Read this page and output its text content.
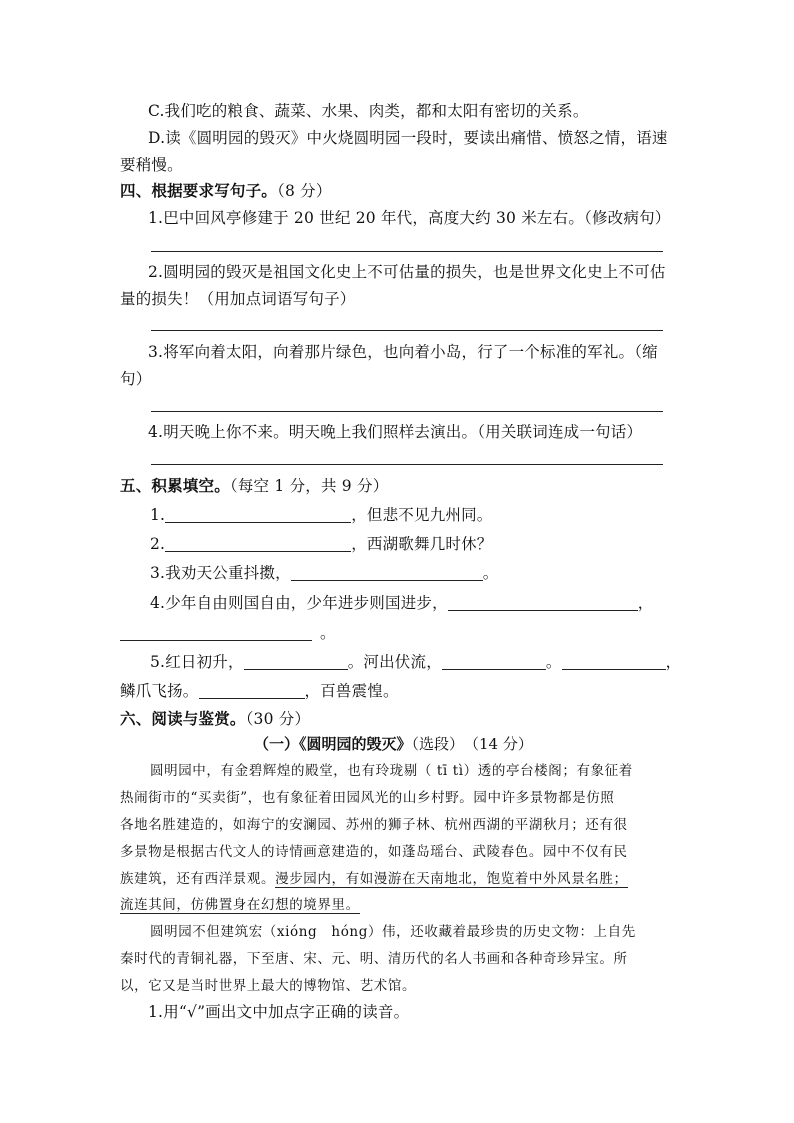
C.我们吃的粮食、蔬菜、水果、肉类，都和太阳有密切的关系。
D.读《圆明园的毁灭》中火烧圆明园一段时，要读出痛惜、愤怒之情，语速
要稍慢。
四、根据要求写句子。（8 分）
1.巴中回风亭修建于 20 世纪 20 年代，高度大约 30 米左右。（修改病句）
2.圆明园的毁灭是祖国文化史上不可估量的损失，也是世界文化史上不可估
量的损失！（用加点词语写句子）
3.将军向着太阳，向着那片绿色，也向着小岛，行了一个标准的军礼。（缩
句）
4.明天晚上你不来。明天晚上我们照样去演出。（用关联词连成一句话）
五、积累填空。（每空 1 分，共 9 分）
1.	，但悲不见九州同。
2.	，西湖歌舞几时休？
3.我劝天公重抖擞，	。
4.少年自由则国自由，少年进步则国进步，	，
。
5.红日初升，	。河出伏流，	。	，
鳞爪飞扬。	，百兽震惶。
六、阅读与鉴赏。（30 分）
（一）《圆明园的毁灭》（选段）　（14 分）
圆明园中，有金碧辉煌的殿堂，也有玲珑剔（ tī tì）透的亭台楼阁；有象征着
热闹街市的“买卖街”，也有象征着田园风光的山乡村野。园中许多景物都是仿照
各地名胜建造的，如海宁的安澜园、苏州的狮子林、杭州西湖的平湖秋月；还有很
多景物是根据古代文人的诗情画意建造的，如蓬岛瑶台、武陵春色。园中不仅有民
族建筑，还有西洋景观。漫步园内，有如漫游在天南地北，饱览着中外风景名胜；
流连其间，仿佛置身在幻想的境界里。
圆明园不但建筑宏（xióng　hóng）伟，还收藏着最珍贵的历史文物：上自先
秦时代的青铜礼器，下至唐、宋、元、明、清历代的名人书画和各种奇珍异宝。所
以，它又是当时世界上最大的博物馆、艺术馆。
1.用“√”画出文中加点字正确的读音。
